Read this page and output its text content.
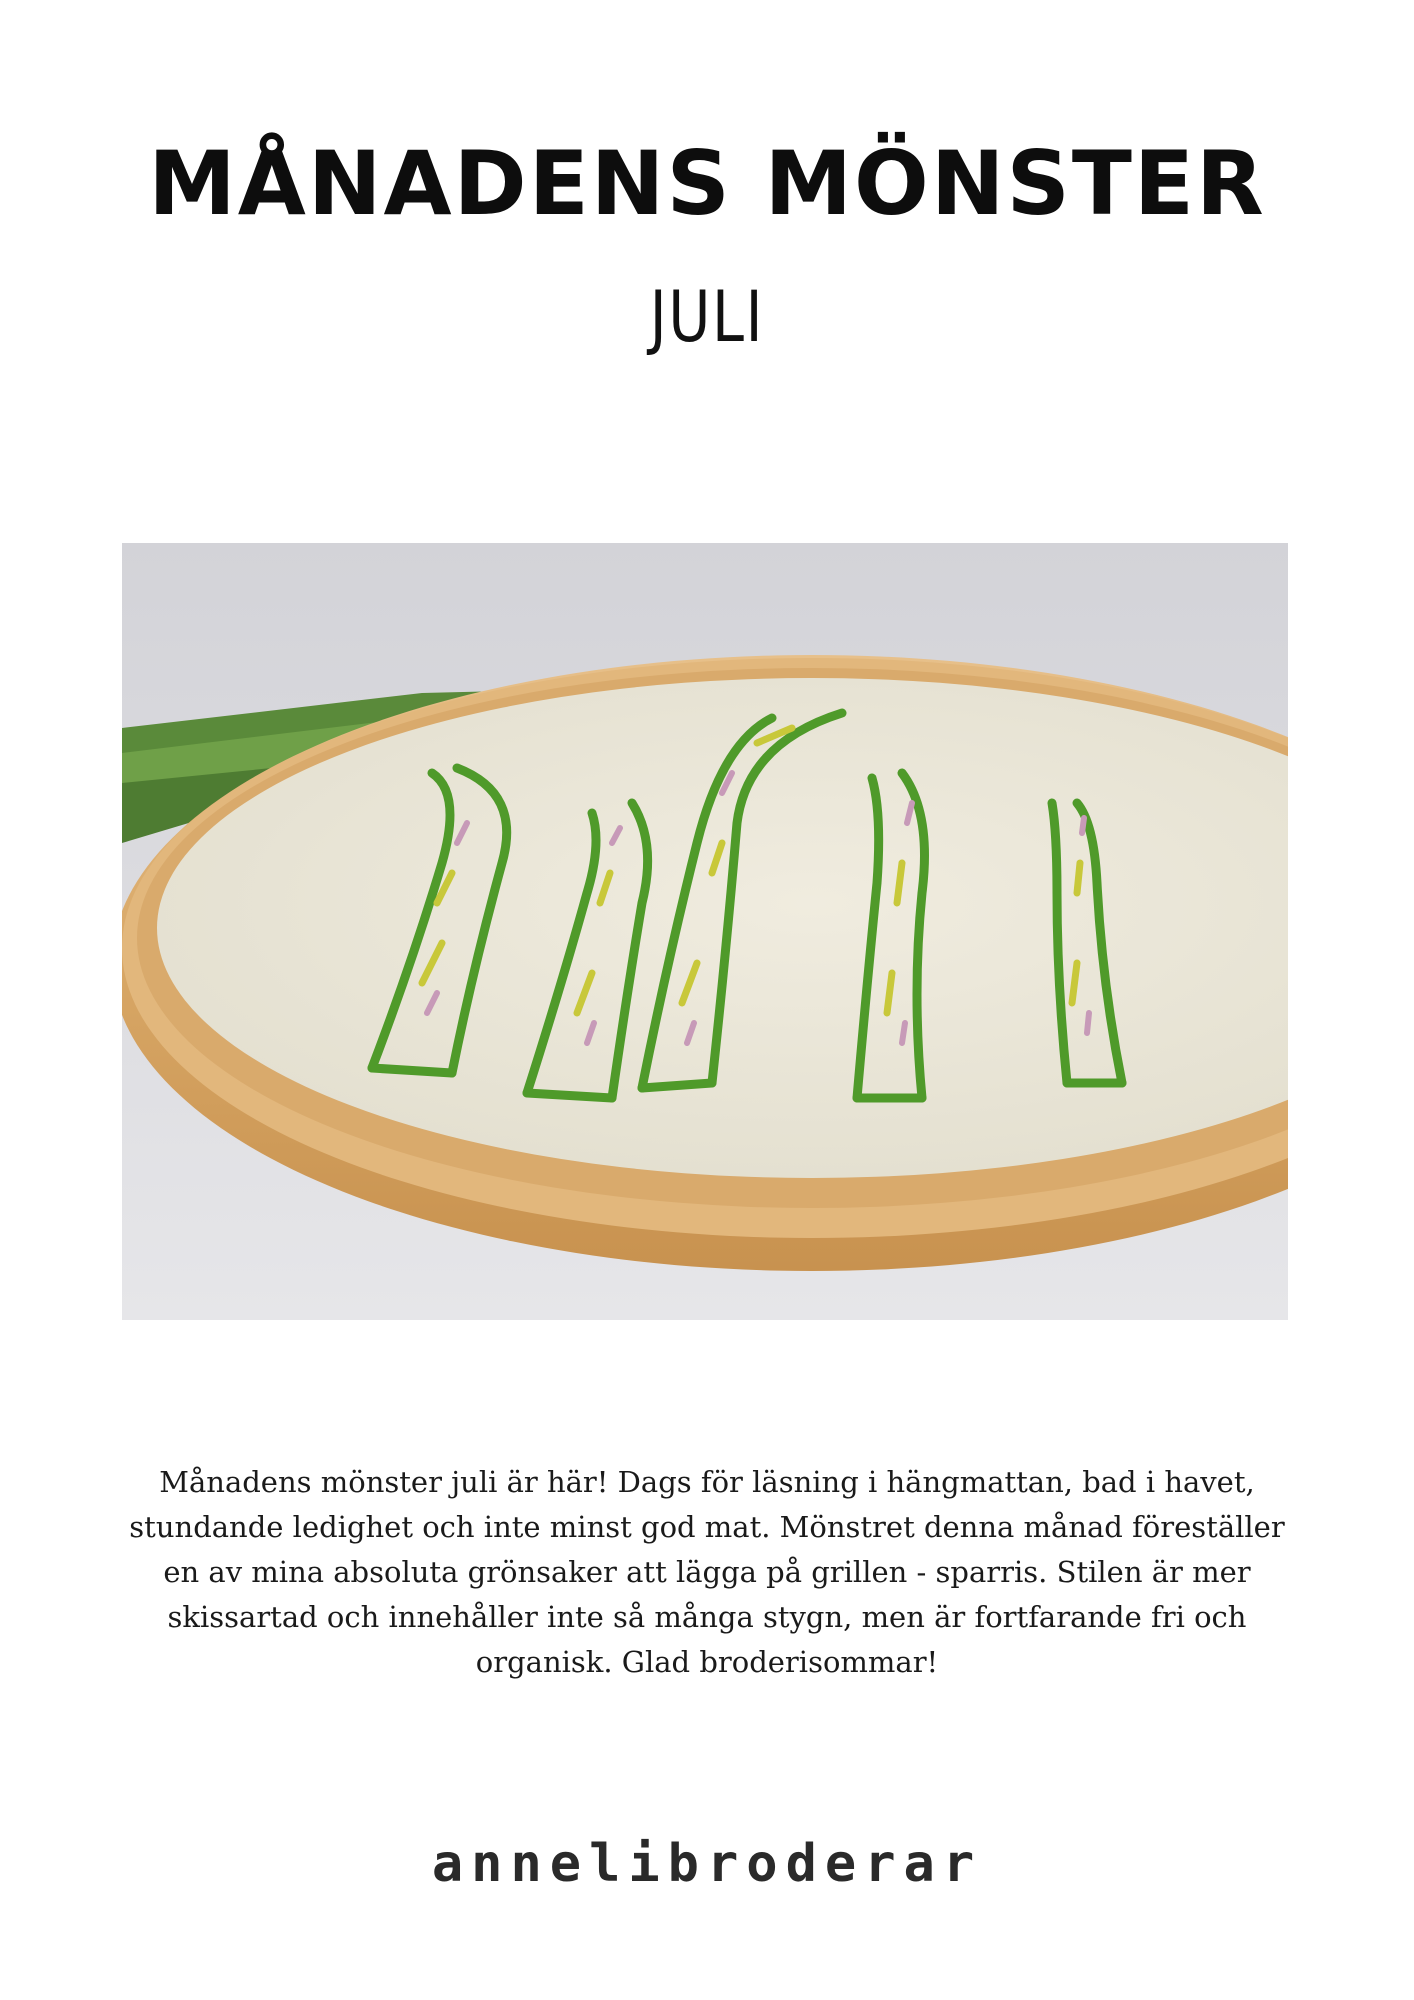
MÅNADENS MÖNSTER
JULI

Månadens mönster juli är här! Dags för läsning i hängmattan, bad i havet, stundande ledighet och inte minst god mat. Mönstret denna månad föreställer en av mina absoluta grönsaker att lägga på grillen - sparris. Stilen är mer skissartad och innehåller inte så många stygn, men är fortfarande fri och organisk. Glad broderisommar!

annelibroderar
